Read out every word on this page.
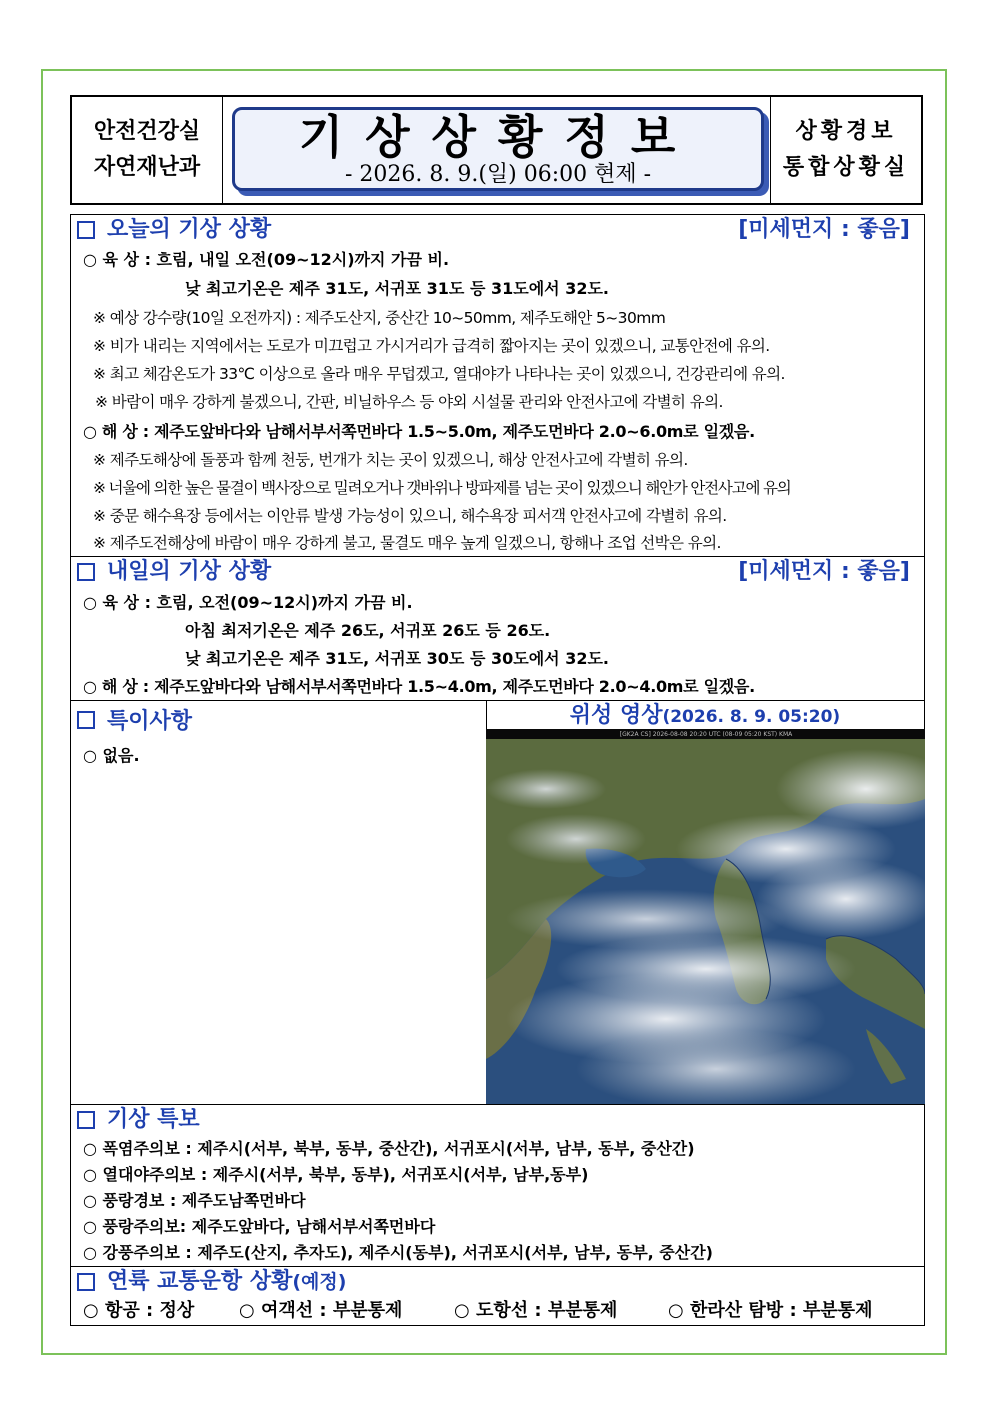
안전건강실
자연재난과
기상상황정보
- 2026. 8. 9.(일) 06:00 현제 -
상황경보
통합상황실
오늘의 기상 상황	[미세먼지 : 좋음]
○ 육 상 : 흐림, 내일 오전(09~12시)까지 가끔 비.
낮 최고기온은 제주 31도, 서귀포 31도 등 31도에서 32도.
※ 예상 강수량(10일 오전까지) : 제주도산지, 중산간 10~50mm, 제주도해안 5~30mm
※ 비가 내리는 지역에서는 도로가 미끄럽고 가시거리가 급격히 짧아지는 곳이 있겠으니, 교통안전에 유의.
※ 최고 체감온도가 33℃ 이상으로 올라 매우 무덥겠고, 열대야가 나타나는 곳이 있겠으니, 건강관리에 유의.
※ 바람이 매우 강하게 불겠으니, 간판, 비닐하우스 등 야외 시설물 관리와 안전사고에 각별히 유의.
○ 해 상 : 제주도앞바다와 남해서부서쪽먼바다 1.5~5.0m, 제주도먼바다 2.0~6.0m로 일겠음.
※ 제주도해상에 돌풍과 함께 천둥, 번개가 치는 곳이 있겠으니, 해상 안전사고에 각별히 유의.
※ 너울에 의한 높은 물결이 백사장으로 밀려오거나 갯바위나 방파제를 넘는 곳이 있겠으니 해안가 안전사고에 유의
※ 중문 해수욕장 등에서는 이안류 발생 가능성이 있으니, 해수욕장 피서객 안전사고에 각별히 유의.
※ 제주도전해상에 바람이 매우 강하게 불고, 물결도 매우 높게 일겠으니, 항해나 조업 선박은 유의.
내일의 기상 상황	[미세먼지 : 좋음]
○ 육 상 : 흐림, 오전(09~12시)까지 가끔 비.
아침 최저기온은 제주 26도, 서귀포 26도 등 26도.
낮 최고기온은 제주 31도, 서귀포 30도 등 30도에서 32도.
○ 해 상 : 제주도앞바다와 남해서부서쪽먼바다 1.5~4.0m, 제주도먼바다 2.0~4.0m로 일겠음.
특이사항
○ 없음.
위성 영상(2026. 8. 9. 05:20)
[GK2A CS] 2026-08-08 20:20 UTC (08-09 05:20 KST) KMA
기상 특보
○ 폭염주의보 : 제주시(서부, 북부, 동부, 중산간), 서귀포시(서부, 남부, 동부, 중산간)
○ 열대야주의보 : 제주시(서부, 북부, 동부), 서귀포시(서부, 남부,동부)
○ 풍랑경보 : 제주도남쪽먼바다
○ 풍랑주의보: 제주도앞바다, 남해서부서쪽먼바다
○ 강풍주의보 : 제주도(산지, 추자도), 제주시(동부), 서귀포시(서부, 남부, 동부, 중산간)
연륙 교통운항 상황(예정)
○ 항공 : 정상 ○ 여객선 : 부분통제	○ 도항선 : 부분통제	○ 한라산 탐방 : 부분통제
